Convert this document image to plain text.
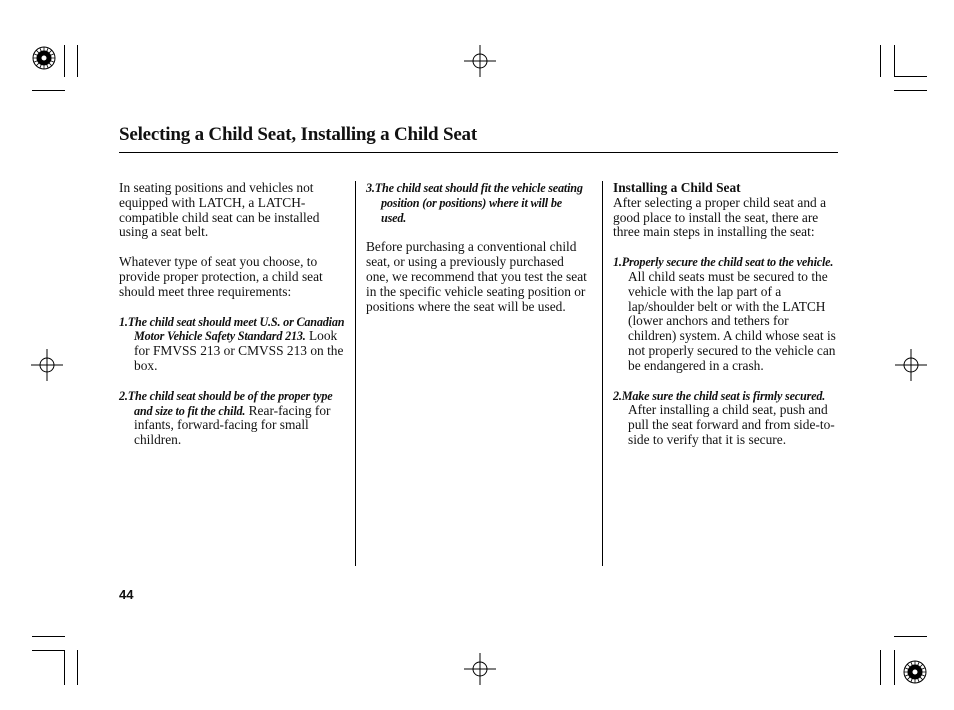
Selecting a Child Seat, Installing a Child Seat

In seating positions and vehicles not equipped with LATCH, a LATCH-compatible child seat can be installed using a seat belt.

Whatever type of seat you choose, to provide proper protection, a child seat should meet three requirements:

1.The child seat should meet U.S. or Canadian Motor Vehicle Safety Standard 213. Look for FMVSS 213 or CMVSS 213 on the box.

2.The child seat should be of the proper type and size to fit the child. Rear-facing for infants, forward-facing for small children.

3.The child seat should fit the vehicle seating position (or positions) where it will be used.

Before purchasing a conventional child seat, or using a previously purchased one, we recommend that you test the seat in the specific vehicle seating position or positions where the seat will be used.

Installing a Child Seat

After selecting a proper child seat and a good place to install the seat, there are three main steps in installing the seat:

1.Properly secure the child seat to the vehicle. All child seats must be secured to the vehicle with the lap part of a lap/shoulder belt or with the LATCH (lower anchors and tethers for children) system. A child whose seat is not properly secured to the vehicle can be endangered in a crash.

2.Make sure the child seat is firmly secured. After installing a child seat, push and pull the seat forward and from side-to-side to verify that it is secure.

44
